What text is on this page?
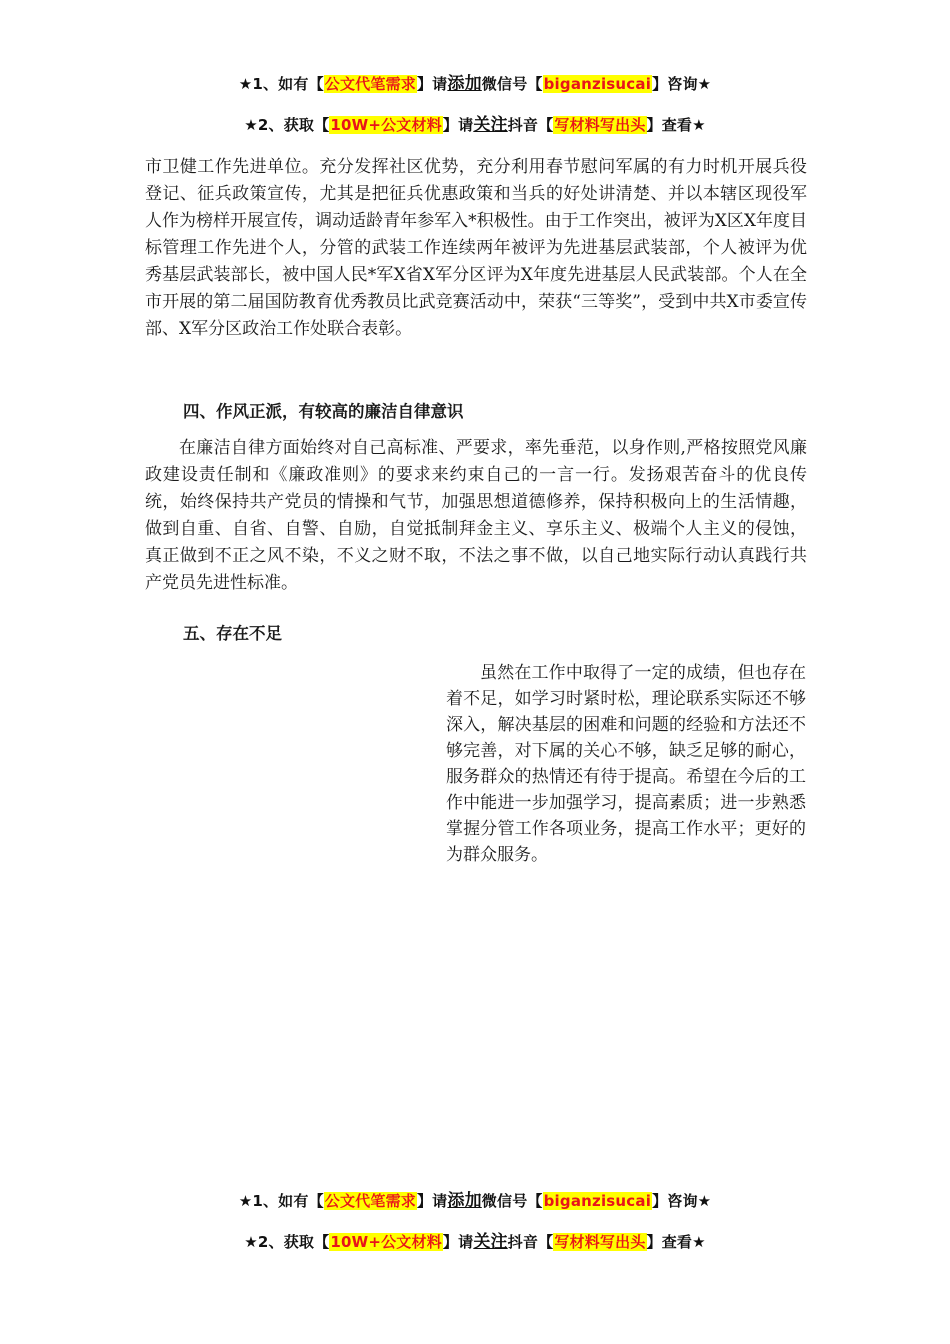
★1、如有【公文代笔需求】请添加微信号【biganzisucai】咨询★
★2、获取【10W+公文材料】请关注抖音【写材料写出头】查看★

市卫健工作先进单位。充分发挥社区优势，充分利用春节慰问军属的有力时机开展兵役登记、征兵政策宣传，尤其是把征兵优惠政策和当兵的好处讲清楚、并以本辖区现役军人作为榜样开展宣传，调动适龄青年参军入*积极性。由于工作突出，被评为X区X年度目标管理工作先进个人，分管的武装工作连续两年被评为先进基层武装部，个人被评为优秀基层武装部长，被中国人民*军X省X军分区评为X年度先进基层人民武装部。个人在全市开展的第二届国防教育优秀教员比武竞赛活动中，荣获“三等奖”，受到中共X市委宣传部、X军分区政治工作处联合表彰。

四、作风正派，有较高的廉洁自律意识

在廉洁自律方面始终对自己高标准、严要求，率先垂范，以身作则,严格按照党风廉政建设责任制和《廉政准则》的要求来约束自己的一言一行。发扬艰苦奋斗的优良传统，始终保持共产党员的情操和气节，加强思想道德修养，保持积极向上的生活情趣，做到自重、自省、自警、自励，自觉抵制拜金主义、享乐主义、极端个人主义的侵蚀，真正做到不正之风不染，不义之财不取，不法之事不做，以自己地实际行动认真践行共产党员先进性标准。

五、存在不足

虽然在工作中取得了一定的成绩，但也存在着不足，如学习时紧时松，理论联系实际还不够深入，解决基层的困难和问题的经验和方法还不够完善，对下属的关心不够，缺乏足够的耐心，服务群众的热情还有待于提高。希望在今后的工作中能进一步加强学习，提高素质；进一步熟悉掌握分管工作各项业务，提高工作水平；更好的为群众服务。

★1、如有【公文代笔需求】请添加微信号【biganzisucai】咨询★
★2、获取【10W+公文材料】请关注抖音【写材料写出头】查看★
